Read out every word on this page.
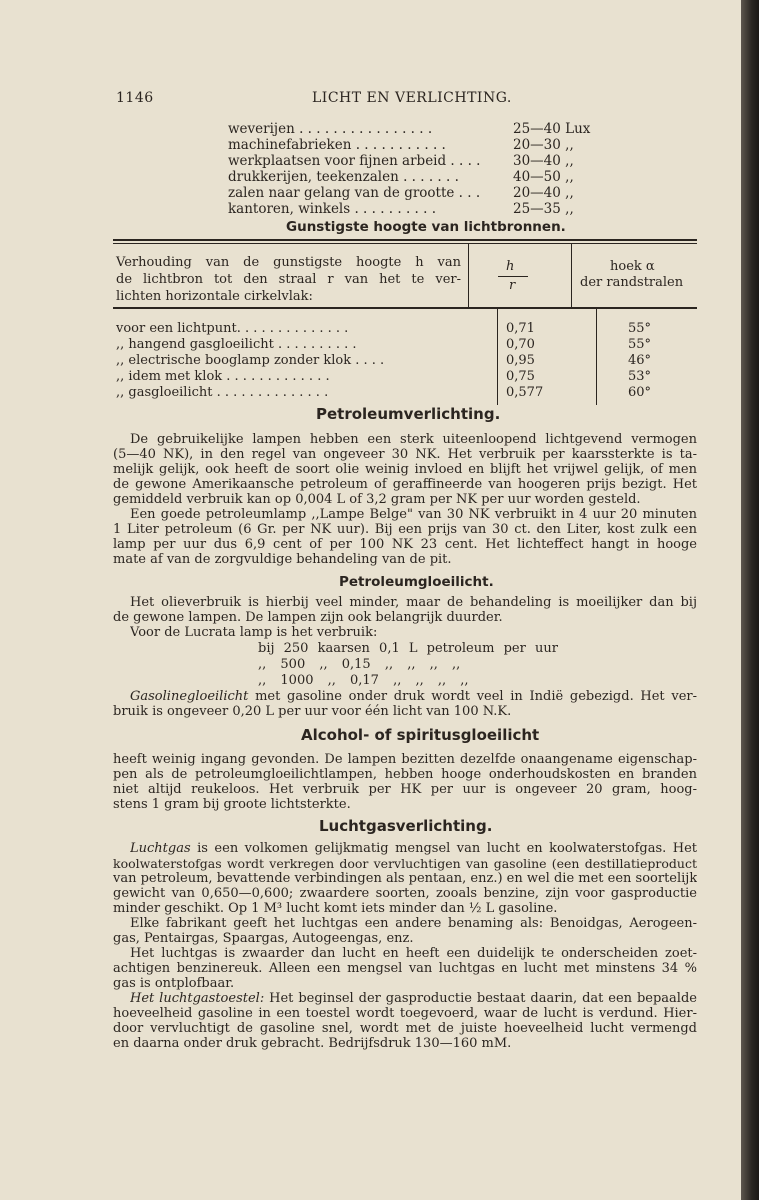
1146	LICHT EN VERLICHTING.
weverijen . . . . . . . . . . . . . . . .	25—40 Lux
machinefabrieken . . . . . . . . . . .	20—30 ,,
werkplaatsen voor fijnen arbeid . . . . 30—40 ,,
drukkerijen, teekenzalen . . . . . . .	40—50 ,,
zalen naar gelang van de grootte . . . 20—40 ,,
kantoren, winkels . . . . . . . . . .	25—35 ,,
Gunstigste hoogte van lichtbronnen.
Verhouding van de gunstigste hoogte h van
de lichtbron tot den straal r van het te ver-
lichten horizontale cirkelvlak:
h
r
hoek α
der randstralen
voor een lichtpunt. . . . . . . . . . . . . .	0,71	55°
,, hangend gasgloeilicht . . . . . . . . . .	0,70	55°
,, electrische booglamp zonder klok . . . .	0,95	46°
,, idem met klok . . . . . . . . . . . . .	0,75	53°
,, gasgloeilicht . . . . . . . . . . . . . .	0,577	60°
Petroleumverlichting.
De gebruikelijke lampen hebben een sterk uiteenloopend lichtgevend vermogen
(5—40 NK), in den regel van ongeveer 30 NK. Het verbruik per kaarssterkte is ta-
melijk gelijk, ook heeft de soort olie weinig invloed en blijft het vrijwel gelijk, of men
de gewone Amerikaansche petroleum of geraffineerde van hoogeren prijs bezigt. Het
gemiddeld verbruik kan op 0,004 L of 3,2 gram per NK per uur worden gesteld.
Een goede petroleumlamp ,,Lampe Belge" van 30 NK verbruikt in 4 uur 20 minuten
1 Liter petroleum (6 Gr. per NK uur). Bij een prijs van 30 ct. den Liter, kost zulk een
lamp per uur dus 6,9 cent of per 100 NK 23 cent. Het lichteffect hangt in hooge
mate af van de zorgvuldige behandeling van de pit.
Petroleumgloeilicht.
Het olieverbruik is hierbij veel minder, maar de behandeling is moeilijker dan bij
de gewone lampen. De lampen zijn ook belangrijk duurder.
Voor de Lucrata lamp is het verbruik:
bij 250 kaarsen 0,1 L petroleum per uur
,, 500 ,, 0,15 ,, ,, ,, ,,
,, 1000 ,, 0,17 ,, ,, ,, ,,
Gasolinegloeilicht met gasoline onder druk wordt veel in Indië gebezigd. Het ver-
bruik is ongeveer 0,20 L per uur voor één licht van 100 N.K.
Alcohol- of spiritusgloeilicht
heeft weinig ingang gevonden. De lampen bezitten dezelfde onaangename eigenschap-
pen als de petroleumgloeilichtlampen, hebben hooge onderhoudskosten en branden
niet altijd reukeloos. Het verbruik per HK per uur is ongeveer 20 gram, hoog-
stens 1 gram bij groote lichtsterkte.
Luchtgasverlichting.
Luchtgas is een volkomen gelijkmatig mengsel van lucht en koolwaterstofgas. Het
koolwaterstofgas wordt verkregen door vervluchtigen van gasoline (een destillatieproduct
van petroleum, bevattende verbindingen als pentaan, enz.) en wel die met een soortelijk
gewicht van 0,650—0,600; zwaardere soorten, zooals benzine, zijn voor gasproductie
minder geschikt. Op 1 M³ lucht komt iets minder dan ½ L gasoline.
Elke fabrikant geeft het luchtgas een andere benaming als: Benoidgas, Aerogeen-
gas, Pentairgas, Spaargas, Autogeengas, enz.
Het luchtgas is zwaarder dan lucht en heeft een duidelijk te onderscheiden zoet-
achtigen benzinereuk. Alleen een mengsel van luchtgas en lucht met minstens 34 %
gas is ontplofbaar.
Het luchtgastoestel: Het beginsel der gasproductie bestaat daarin, dat een bepaalde
hoeveelheid gasoline in een toestel wordt toegevoerd, waar de lucht is verdund. Hier-
door vervluchtigt de gasoline snel, wordt met de juiste hoeveelheid lucht vermengd
en daarna onder druk gebracht. Bedrijfsdruk 130—160 mM.
